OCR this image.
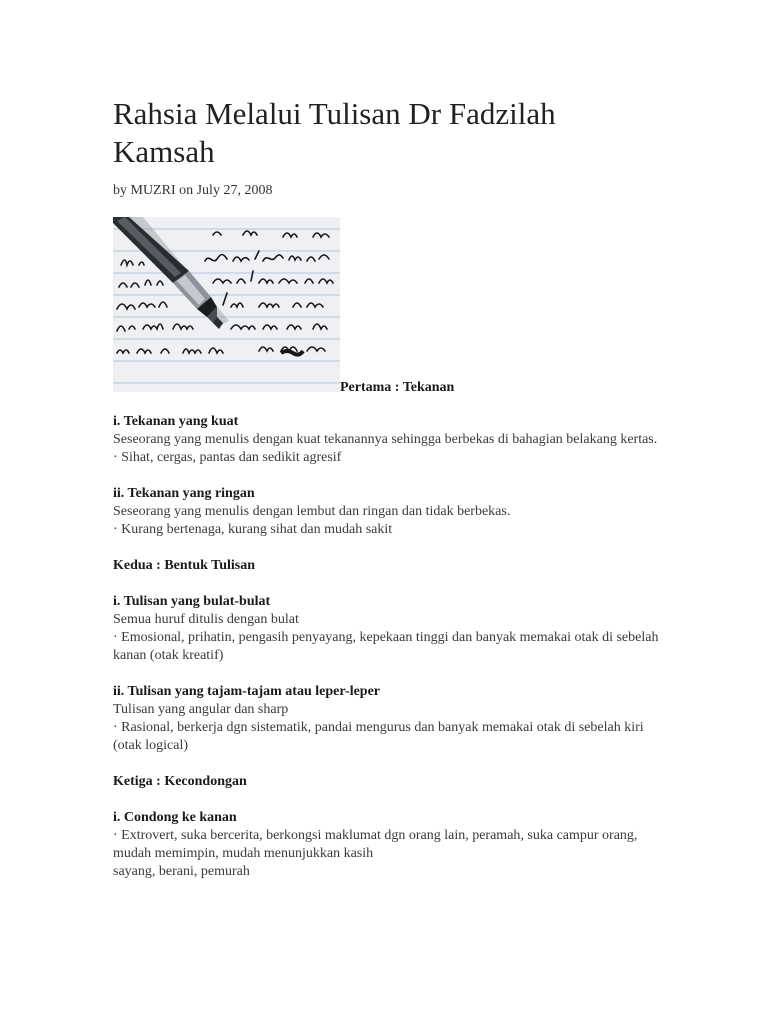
Rahsia Melalui Tulisan Dr Fadzilah Kamsah
by MUZRI on July 27, 2008
Pertama : Tekanan
i. Tekanan yang kuat
Seseorang yang menulis dengan kuat tekanannya sehingga berbekas di bahagian belakang kertas.
· Sihat, cergas, pantas dan sedikit agresif
ii. Tekanan yang ringan
Seseorang yang menulis dengan lembut dan ringan dan tidak berbekas.
· Kurang bertenaga, kurang sihat dan mudah sakit
Kedua : Bentuk Tulisan
i. Tulisan yang bulat-bulat
Semua huruf ditulis dengan bulat
· Emosional, prihatin, pengasih penyayang, kepekaan tinggi dan banyak memakai otak di sebelah kanan (otak kreatif)
ii. Tulisan yang tajam-tajam atau leper-leper
Tulisan yang angular dan sharp
· Rasional, berkerja dgn sistematik, pandai mengurus dan banyak memakai otak di sebelah kiri (otak logical)
Ketiga : Kecondongan
i. Condong ke kanan
· Extrovert, suka bercerita, berkongsi maklumat dgn orang lain, peramah, suka campur orang, mudah memimpin, mudah menunjukkan kasih
sayang, berani, pemurah
